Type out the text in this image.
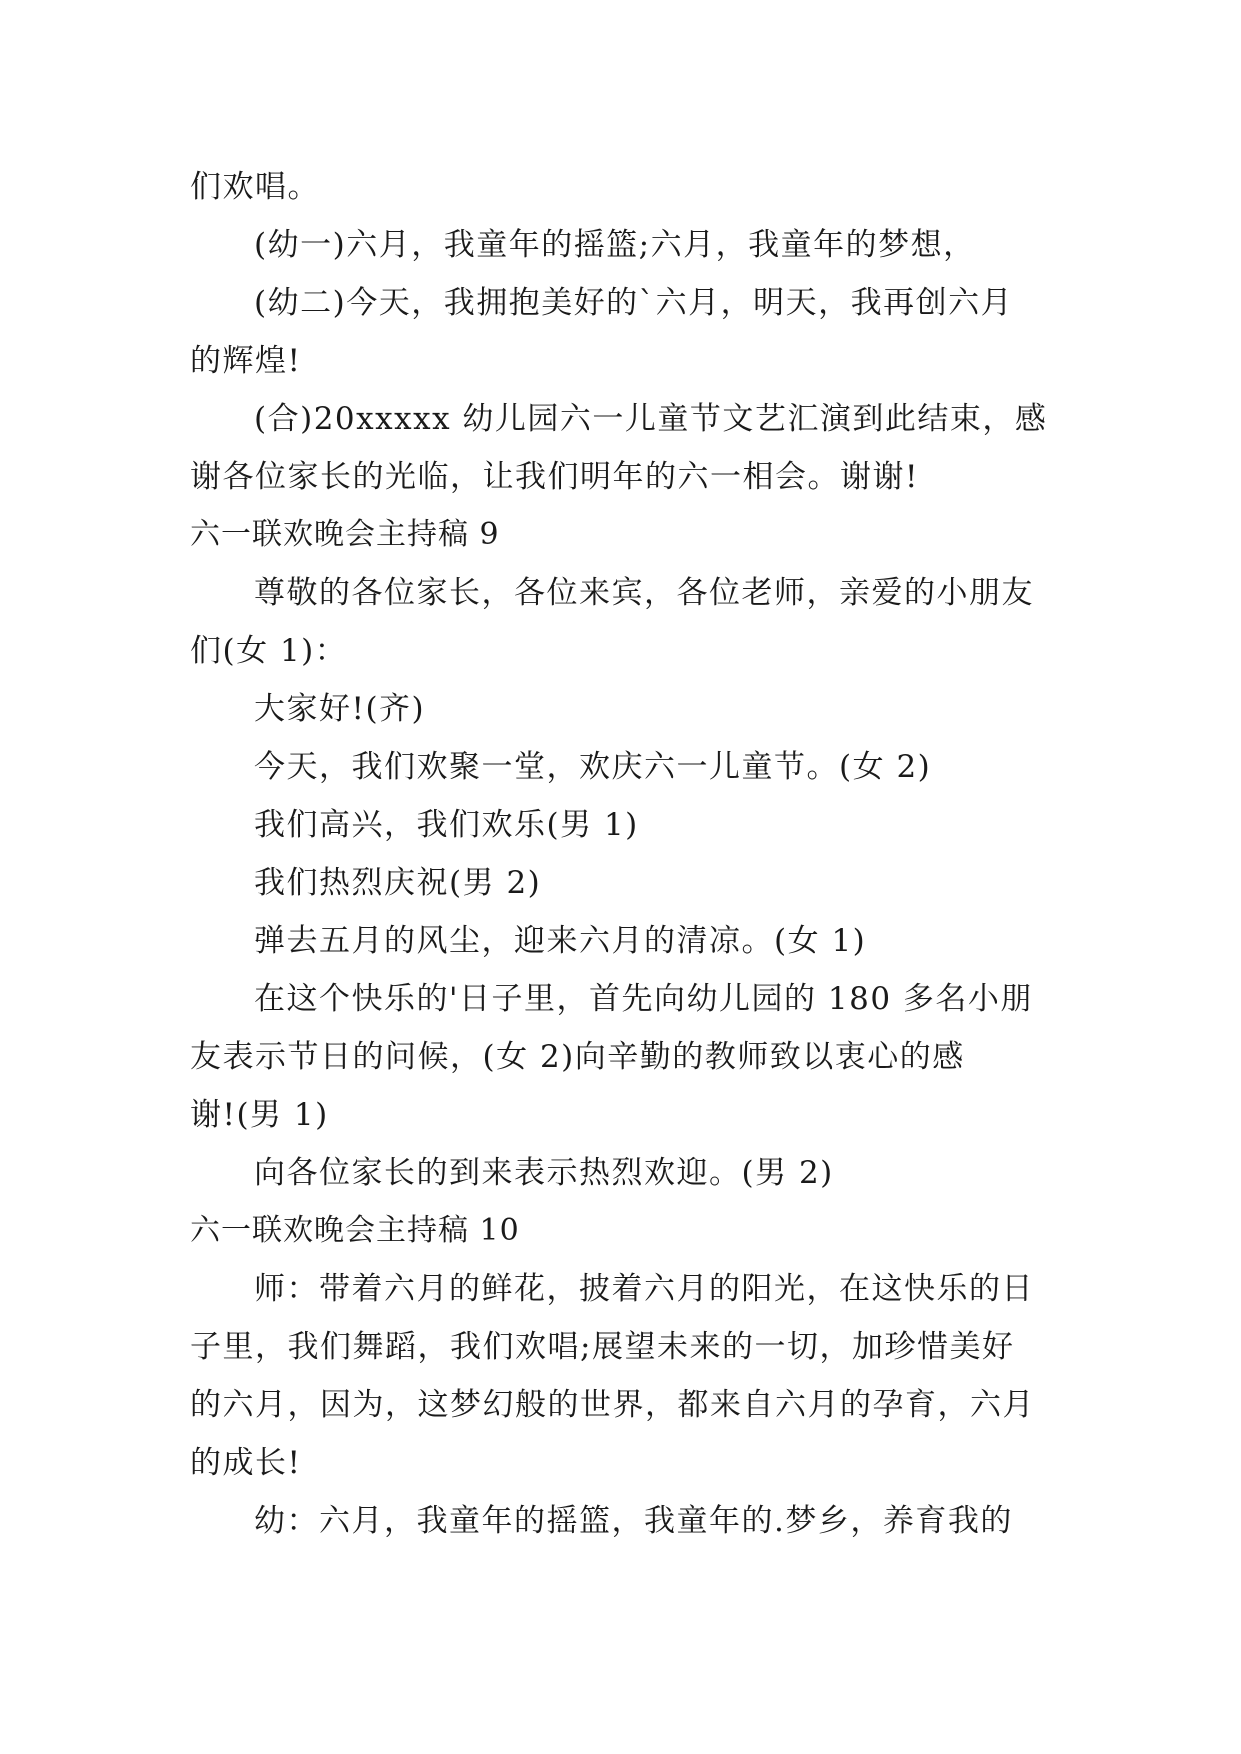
们欢唱。
(幼一)六月，我童年的摇篮;六月，我童年的梦想，
(幼二)今天，我拥抱美好的`六月，明天，我再创六月
的辉煌!
(合)20xxxxx 幼儿园六一儿童节文艺汇演到此结束，感
谢各位家长的光临，让我们明年的六一相会。谢谢!
六一联欢晚会主持稿 9
尊敬的各位家长，各位来宾，各位老师，亲爱的小朋友
们(女 1)：
大家好!(齐)
今天，我们欢聚一堂，欢庆六一儿童节。(女 2)
我们高兴，我们欢乐(男 1)
我们热烈庆祝(男 2)
弹去五月的风尘，迎来六月的清凉。(女 1)
在这个快乐的'日子里，首先向幼儿园的 180 多名小朋
友表示节日的问候，(女 2)向辛勤的教师致以衷心的感
谢!(男 1)
向各位家长的到来表示热烈欢迎。(男 2)
六一联欢晚会主持稿 10
师：带着六月的鲜花，披着六月的阳光，在这快乐的日
子里，我们舞蹈，我们欢唱;展望未来的一切，加珍惜美好
的六月，因为，这梦幻般的世界，都来自六月的孕育，六月
的成长!
幼：六月，我童年的摇篮，我童年的.梦乡，养育我的
